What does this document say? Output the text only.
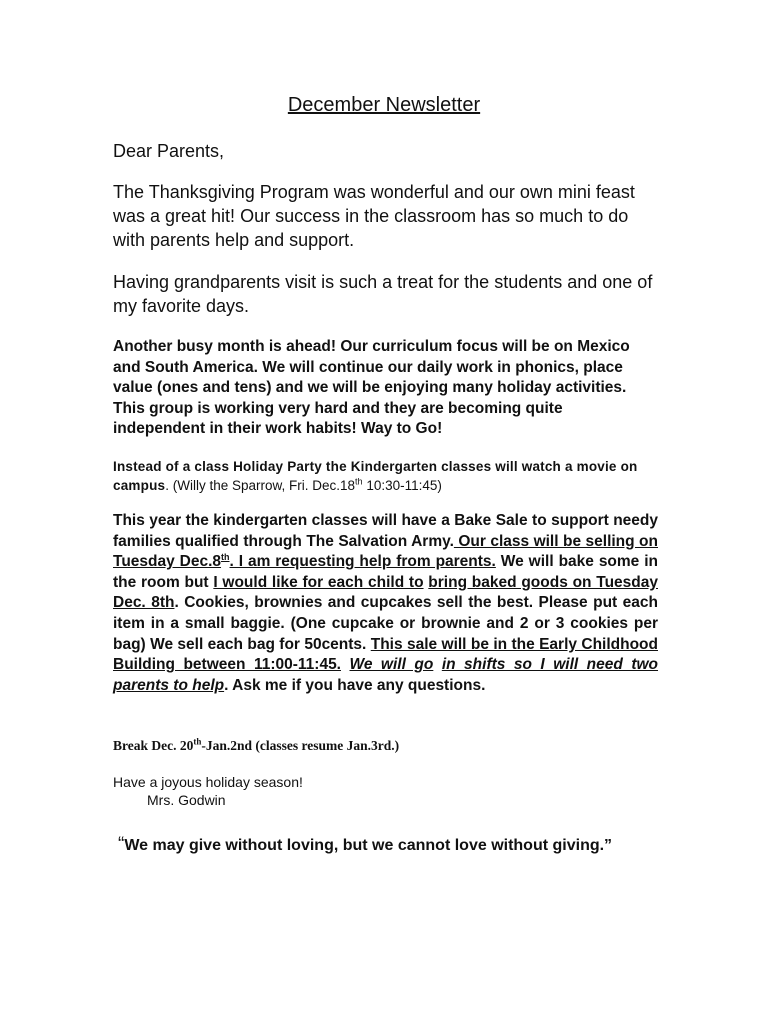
December Newsletter
Dear Parents,
The Thanksgiving Program was wonderful and our own mini feast was a great hit! Our success in the classroom has so much to do with parents help and support.
Having grandparents visit is such a treat for the students and one of my favorite days.
Another busy month is ahead! Our curriculum focus will be on Mexico and South America. We will continue our daily work in phonics, place value (ones and tens) and we will be enjoying many holiday activities. This group is working very hard and they are becoming quite independent in their work habits! Way to Go!
Instead of a class Holiday Party the Kindergarten classes will watch a movie on campus. (Willy the Sparrow, Fri. Dec.18th 10:30-11:45)
This year the kindergarten classes will have a Bake Sale to support needy families qualified through The Salvation Army. Our class will be selling on Tuesday Dec.8th. I am requesting help from parents. We will bake some in the room but I would like for each child to bring baked goods on Tuesday Dec. 8th. Cookies, brownies and cupcakes sell the best. Please put each item in a small baggie. (One cupcake or brownie and 2 or 3 cookies per bag) We sell each bag for 50cents. This sale will be in the Early Childhood Building between 11:00-11:45. We will go in shifts so I will need two parents to help. Ask me if you have any questions.
Break Dec. 20th-Jan.2nd (classes resume Jan.3rd.)
Have a joyous holiday season!
Mrs. Godwin
“We may give without loving, but we cannot love without giving.”
